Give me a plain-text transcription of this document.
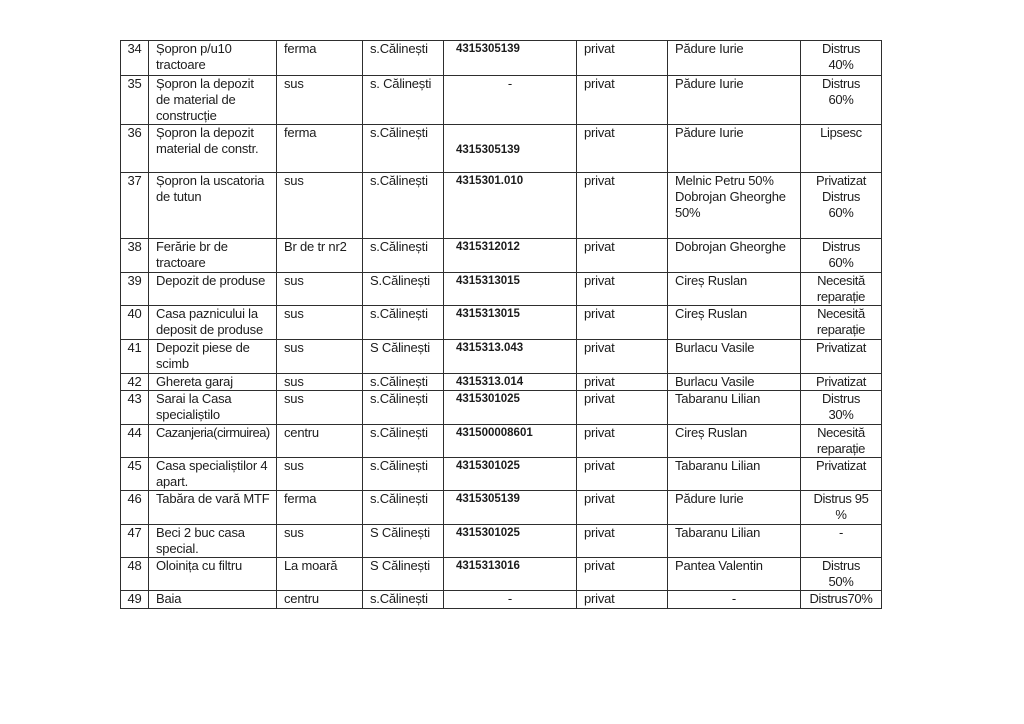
34	Șopron p/u10 tractoare	ferma	s.Călinești	4315305139	privat	Pădure Iurie	Distrus 40%
35	Șopron la depozit de material de construcție	sus	s. Călinești	-	privat	Pădure Iurie	Distrus 60%
36	Șopron la depozit material de constr.	ferma	s.Călinești	4315305139	privat	Pădure Iurie	Lipsesc
37	Șopron la uscatoria de tutun	sus	s.Călinești	4315301.010	privat	Melnic Petru 50% Dobrojan Gheorghe 50%	Privatizat Distrus 60%
38	Ferărie br de tractoare	Br de tr nr2	s.Călinești	4315312012	privat	Dobrojan Gheorghe	Distrus 60%
39	Depozit de produse	sus	S.Călinești	4315313015	privat	Cireș Ruslan	Necesită reparație
40	Casa paznicului la deposit de produse	sus	s.Călinești	4315313015	privat	Cireș Ruslan	Necesită reparație
41	Depozit piese de scimb	sus	S Călinești	4315313.043	privat	Burlacu Vasile	Privatizat
42	Ghereta garaj	sus	s.Călinești	4315313.014	privat	Burlacu Vasile	Privatizat
43	Sarai la Casa specialiștilo	sus	s.Călinești	4315301025	privat	Tabaranu Lilian	Distrus 30%
44	Cazanjeria(cirmuirea)	centru	s.Călinești	431500008601	privat	Cireș Ruslan	Necesită reparație
45	Casa specialiștilor 4 apart.	sus	s.Călinești	4315301025	privat	Tabaranu Lilian	Privatizat
46	Tabăra de vară MTF	ferma	s.Călinești	4315305139	privat	Pădure Iurie	Distrus 95 %
47	Beci 2 buc casa special.	sus	S Călinești	4315301025	privat	Tabaranu Lilian	-
48	Oloinița cu filtru	La moară	S Călinești	4315313016	privat	Pantea Valentin	Distrus 50%
49	Baia	centru	s.Călinești	-	privat	-	Distrus70%
